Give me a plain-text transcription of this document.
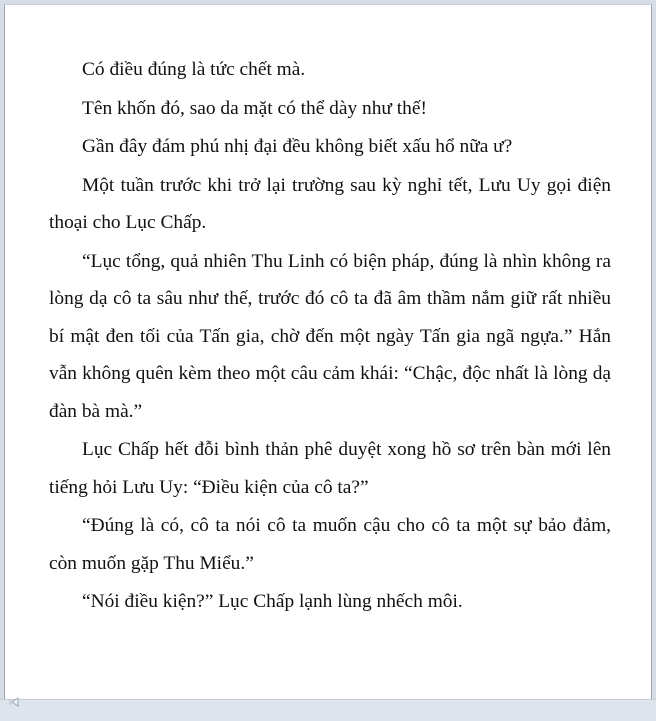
Có điều đúng là tức chết mà.

Tên khốn đó, sao da mặt có thể dày như thế!

Gần đây đám phú nhị đại đều không biết xấu hổ nữa ư?

Một tuần trước khi trở lại trường sau kỳ nghỉ tết, Lưu Uy gọi điện thoại cho Lục Chấp.

“Lục tổng, quả nhiên Thu Linh có biện pháp, đúng là nhìn không ra lòng dạ cô ta sâu như thế, trước đó cô ta đã âm thầm nắm giữ rất nhiều bí mật đen tối của Tấn gia, chờ đến một ngày Tấn gia ngã ngựa.” Hắn vẫn không quên kèm theo một câu cảm khái: “Chậc, độc nhất là lòng dạ đàn bà mà.”

Lục Chấp hết đỗi bình thản phê duyệt xong hồ sơ trên bàn mới lên tiếng hỏi Lưu Uy: “Điều kiện của cô ta?”

“Đúng là có, cô ta nói cô ta muốn cậu cho cô ta một sự bảo đảm, còn muốn gặp Thu Miểu.”

“Nói điều kiện?” Lục Chấp lạnh lùng nhếch môi.
